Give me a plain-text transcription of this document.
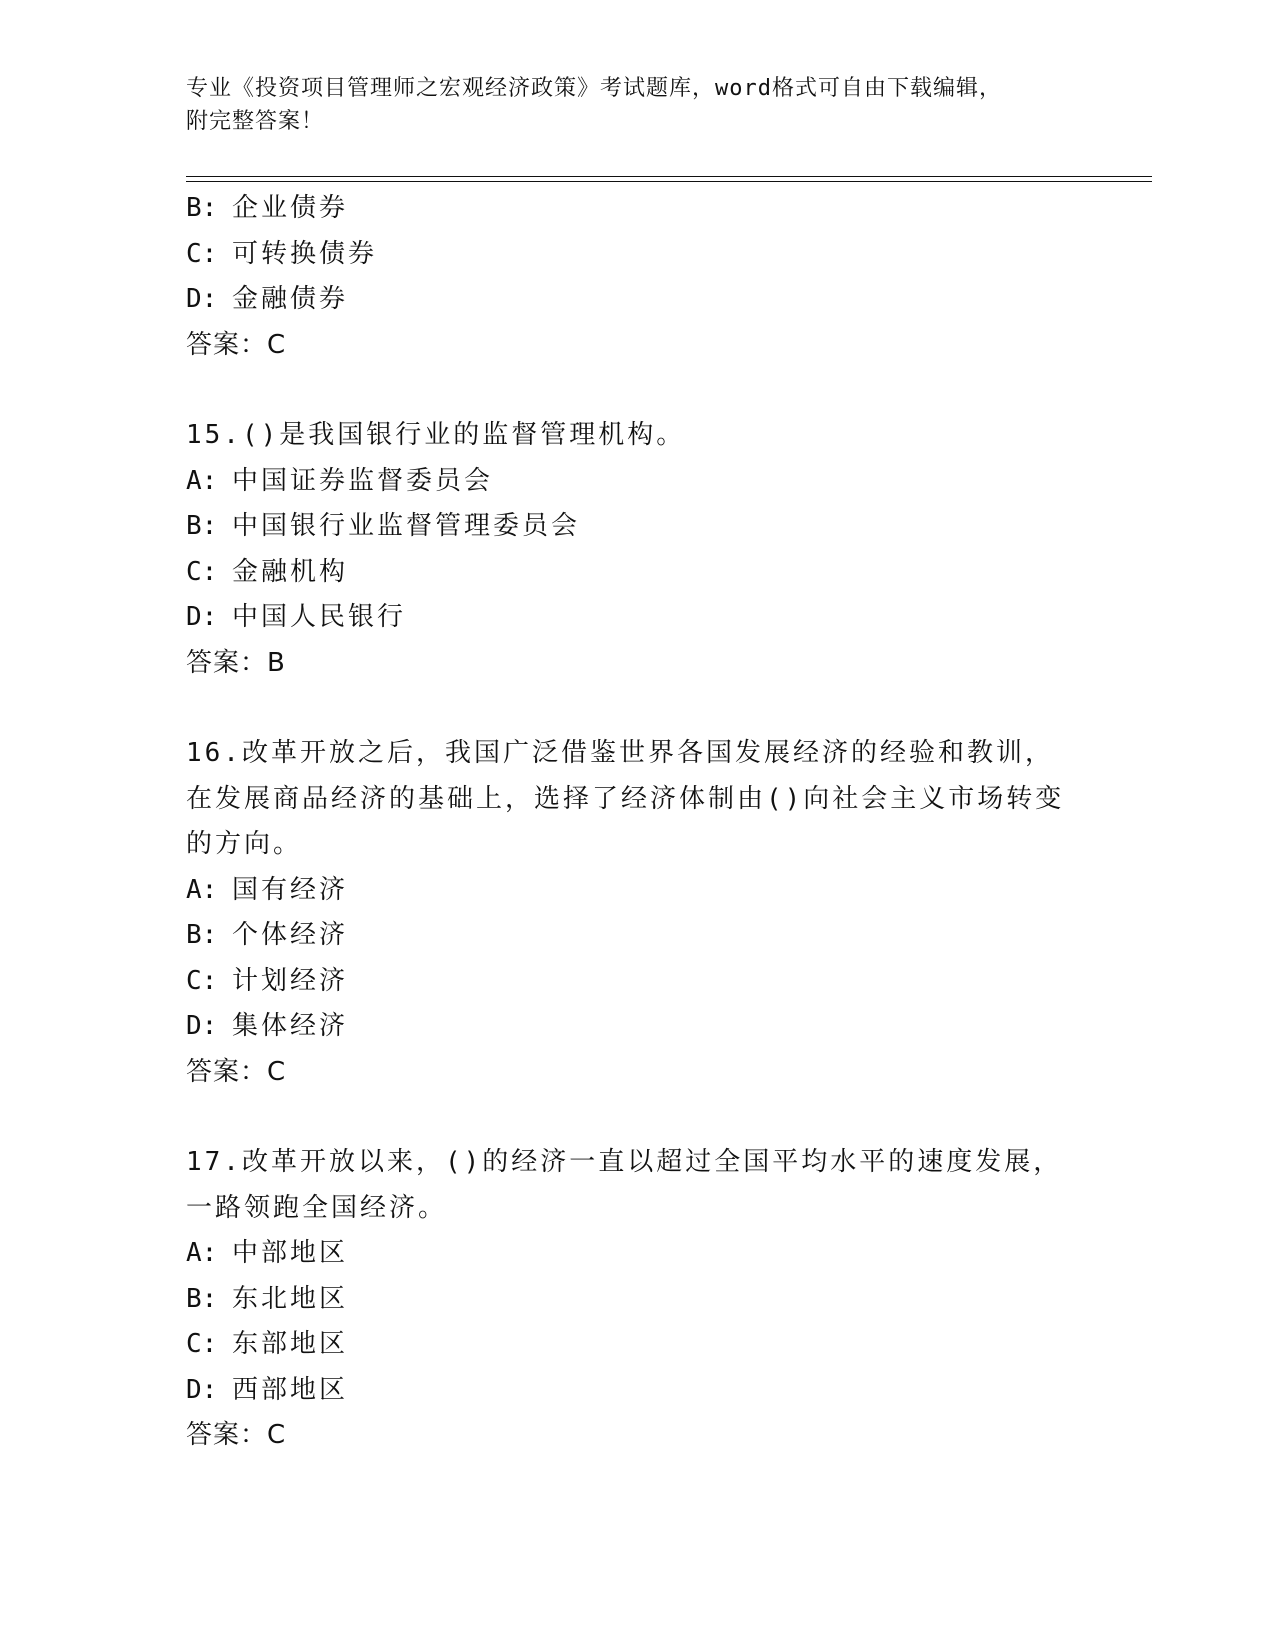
专业《投资项目管理师之宏观经济政策》考试题库，word格式可自由下载编辑，
附完整答案！
B: 企业债券
C: 可转换债券
D: 金融债券
答案：C
15.()是我国银行业的监督管理机构。
A: 中国证券监督委员会
B: 中国银行业监督管理委员会
C: 金融机构
D: 中国人民银行
答案：B
16.改革开放之后，我国广泛借鉴世界各国发展经济的经验和教训，在发展商品经济的基础上，选择了经济体制由()向社会主义市场转变的方向。
A: 国有经济
B: 个体经济
C: 计划经济
D: 集体经济
答案：C
17.改革开放以来，()的经济一直以超过全国平均水平的速度发展，一路领跑全国经济。
A: 中部地区
B: 东北地区
C: 东部地区
D: 西部地区
答案：C
